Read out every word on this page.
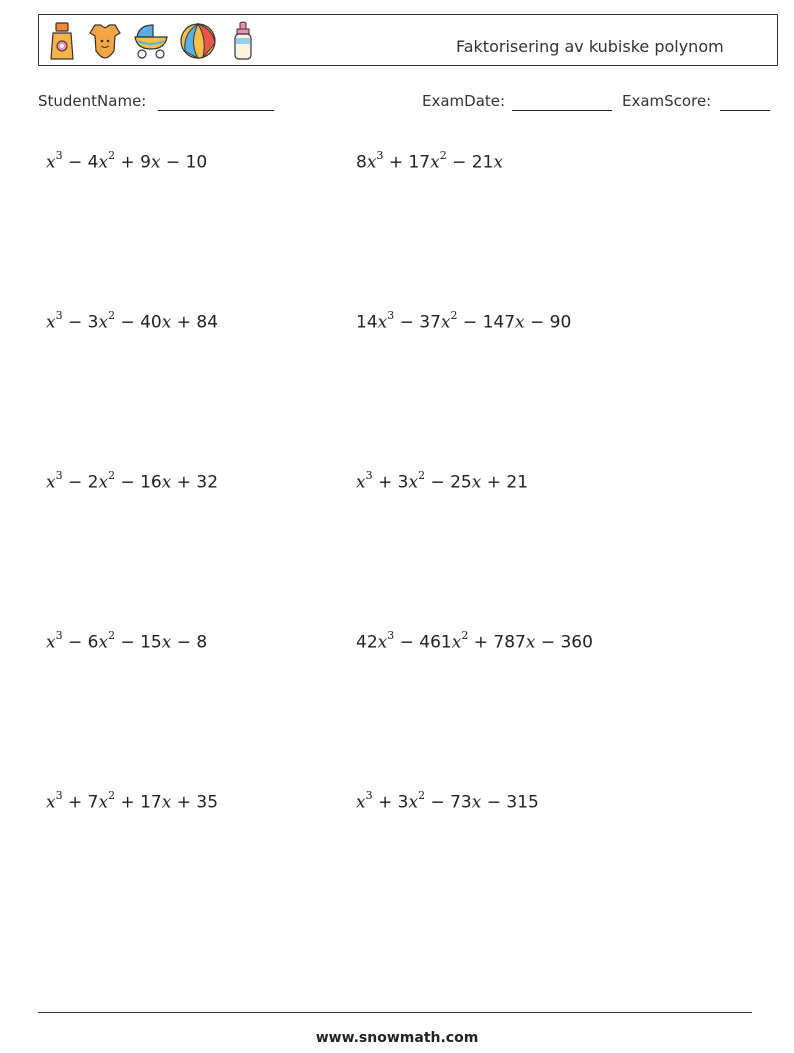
Faktorisering av kubiske polynom
StudentName:	ExamDate:	ExamScore:
$x^3 - 4x^2 + 9x - 10$	$8x^3 + 17x^2 - 21x$
$x^3 - 3x^2 - 40x + 84$	$14x^3 - 37x^2 - 147x - 90$
$x^3 - 2x^2 - 16x + 32$	$x^3 + 3x^2 - 25x + 21$
$x^3 - 6x^2 - 15x - 8$	$42x^3 - 461x^2 + 787x - 360$
$x^3 + 7x^2 + 17x + 35$	$x^3 + 3x^2 - 73x - 315$
www.snowmath.com
